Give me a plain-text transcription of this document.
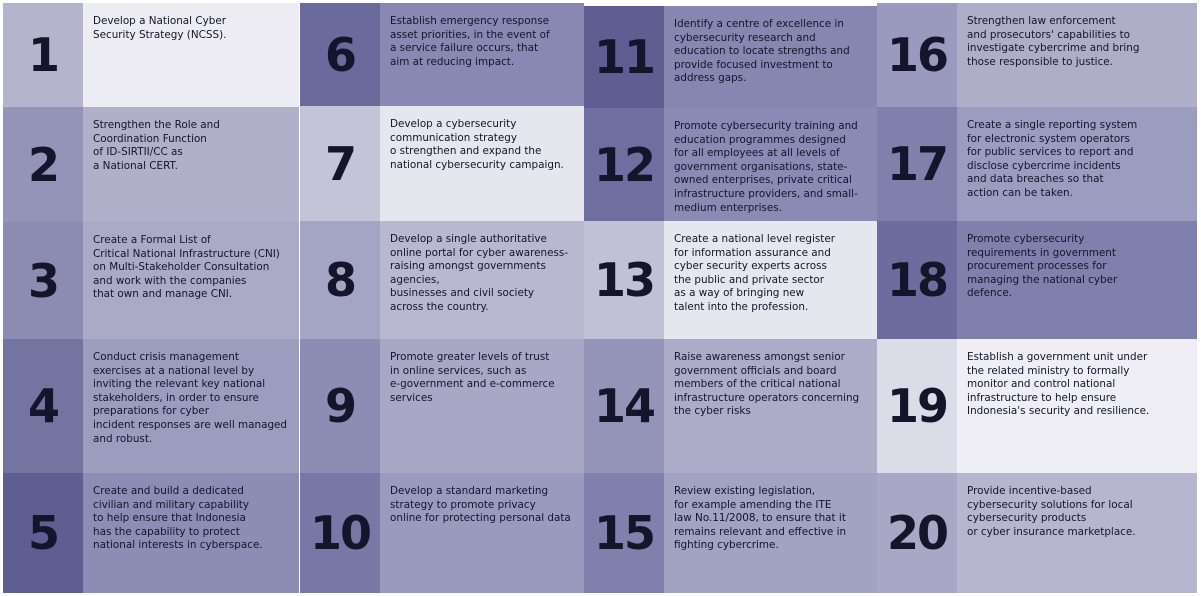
1
Develop a National Cyber
Security Strategy (NCSS).
2
Strengthen the Role and
Coordination Function
of ID-SIRTII/CC as
a National CERT.
3
Create a Formal List of
Critical National Infrastructure (CNI)
on Multi-Stakeholder Consultation
and work with the companies
that own and manage CNI.
4
Conduct crisis management
exercises at a national level by
inviting the relevant key national
stakeholders, in order to ensure
preparations for cyber
incident responses are well managed
and robust.
5
Create and build a dedicated
civilian and military capability
to help ensure that Indonesia
has the capability to protect
national interests in cyberspace.
6
Establish emergency response
asset priorities, in the event of
a service failure occurs, that
aim at reducing impact.
7
Develop a cybersecurity
communication strategy
o strengthen and expand the
national cybersecurity campaign.
8
Develop a single authoritative
online portal for cyber awareness-
raising amongst governments
agencies,
businesses and civil society
across the country.
9
Promote greater levels of trust
in online services, such as
e-government and e-commerce
services
10
Develop a standard marketing
strategy to promote privacy
online for protecting personal data
11
Identify a centre of excellence in
cybersecurity research and
education to locate strengths and
provide focused investment to
address gaps.
12
Promote cybersecurity training and
education programmes designed
for all employees at all levels of
government organisations, state-
owned enterprises, private critical
infrastructure providers, and small-
medium enterprises.
13
Create a national level register
for information assurance and
cyber security experts across
the public and private sector
as a way of bringing new
talent into the profession.
14
Raise awareness amongst senior
government officials and board
members of the critical national
infrastructure operators concerning
the cyber risks
15
Review existing legislation,
for example amending the ITE
law No.11/2008, to ensure that it
remains relevant and effective in
fighting cybercrime.
16
Strengthen law enforcement
and prosecutors' capabilities to
investigate cybercrime and bring
those responsible to justice.
17
Create a single reporting system
for electronic system operators
for public services to report and
disclose cybercrime incidents
and data breaches so that
action can be taken.
18
Promote cybersecurity
requirements in government
procurement processes for
managing the national cyber
defence.
19
Establish a government unit under
the related ministry to formally
monitor and control national
infrastructure to help ensure
Indonesia's security and resilience.
20
Provide incentive-based
cybersecurity solutions for local
cybersecurity products
or cyber insurance marketplace.
